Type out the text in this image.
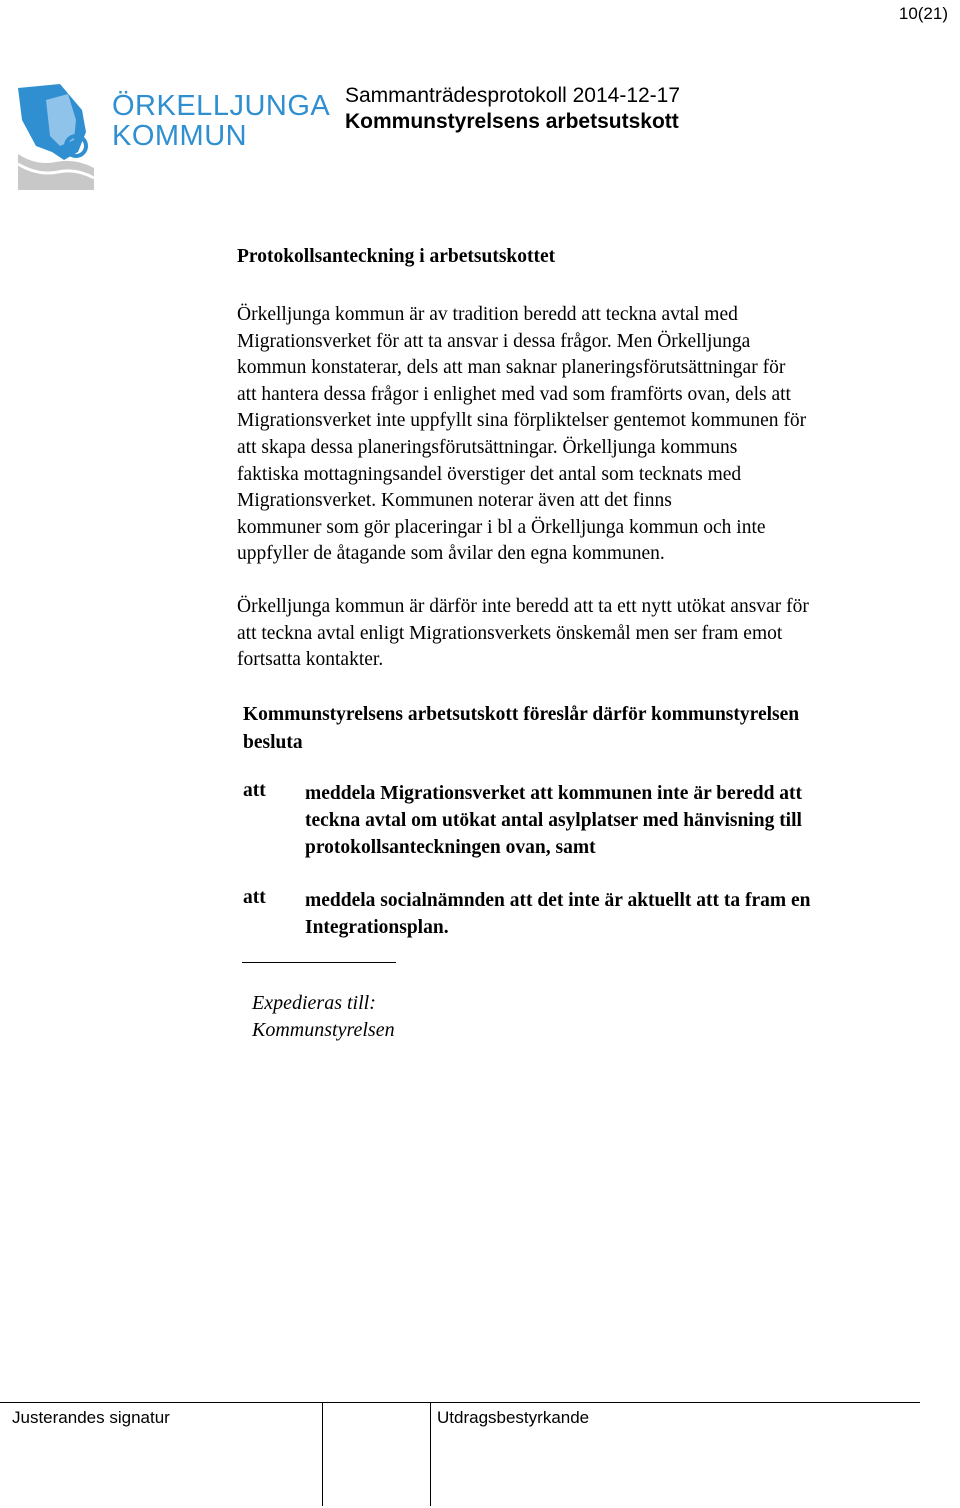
10(21)
ÖRKELLJUNGA
KOMMUN
Sammanträdesprotokoll 2014-12-17
Kommunstyrelsens arbetsutskott
Protokollsanteckning i arbetsutskottet
Örkelljunga kommun är av tradition beredd att teckna avtal med
Migrationsverket för att ta ansvar i dessa frågor. Men Örkelljunga
kommun konstaterar, dels att man saknar planeringsförutsättningar för
att hantera dessa frågor i enlighet med vad som framförts ovan, dels att
Migrationsverket inte uppfyllt sina förpliktelser gentemot kommunen för
att skapa dessa planeringsförutsättningar. Örkelljunga kommuns
faktiska mottagningsandel överstiger det antal som tecknats med
Migrationsverket. Kommunen noterar även att det finns
kommuner som gör placeringar i bl a Örkelljunga kommun och inte
uppfyller de åtagande som åvilar den egna kommunen.
Örkelljunga kommun är därför inte beredd att ta ett nytt utökat ansvar för
att teckna avtal enligt Migrationsverkets önskemål men ser fram emot
fortsatta kontakter.
Kommunstyrelsens arbetsutskott föreslår därför kommunstyrelsen
besluta
att meddela Migrationsverket att kommunen inte är beredd att
teckna avtal om utökat antal asylplatser med hänvisning till
protokollsanteckningen ovan, samt
att meddela socialnämnden att det inte är aktuellt att ta fram en
Integrationsplan.
Expedieras till:
Kommunstyrelsen
Justerandes signatur	Utdragsbestyrkande
